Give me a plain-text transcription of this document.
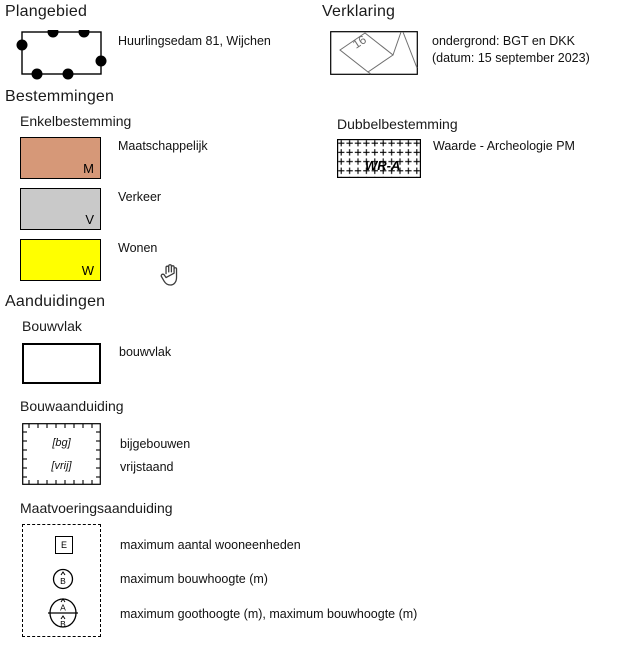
Plangebied
Huurlingsedam 81, Wijchen
Verklaring
16	ondergrond: BGT en DKK
(datum: 15 september 2023)
Bestemmingen
Enkelbestemming
M
Maatschappelijk
V
Verkeer
W
Wonen
Dubbelbestemming
WR-A
Waarde - Archeologie PM
Aanduidingen
Bouwvlak
bouwvlak
Bouwaanduiding
[bg]
[vrij]
bijgebouwen
vrijstaand
Maatvoeringsaanduiding
E	maximum aantal wooneenheden
B	maximum bouwhoogte (m)
A
B
maximum goothoogte (m), maximum bouwhoogte (m)
